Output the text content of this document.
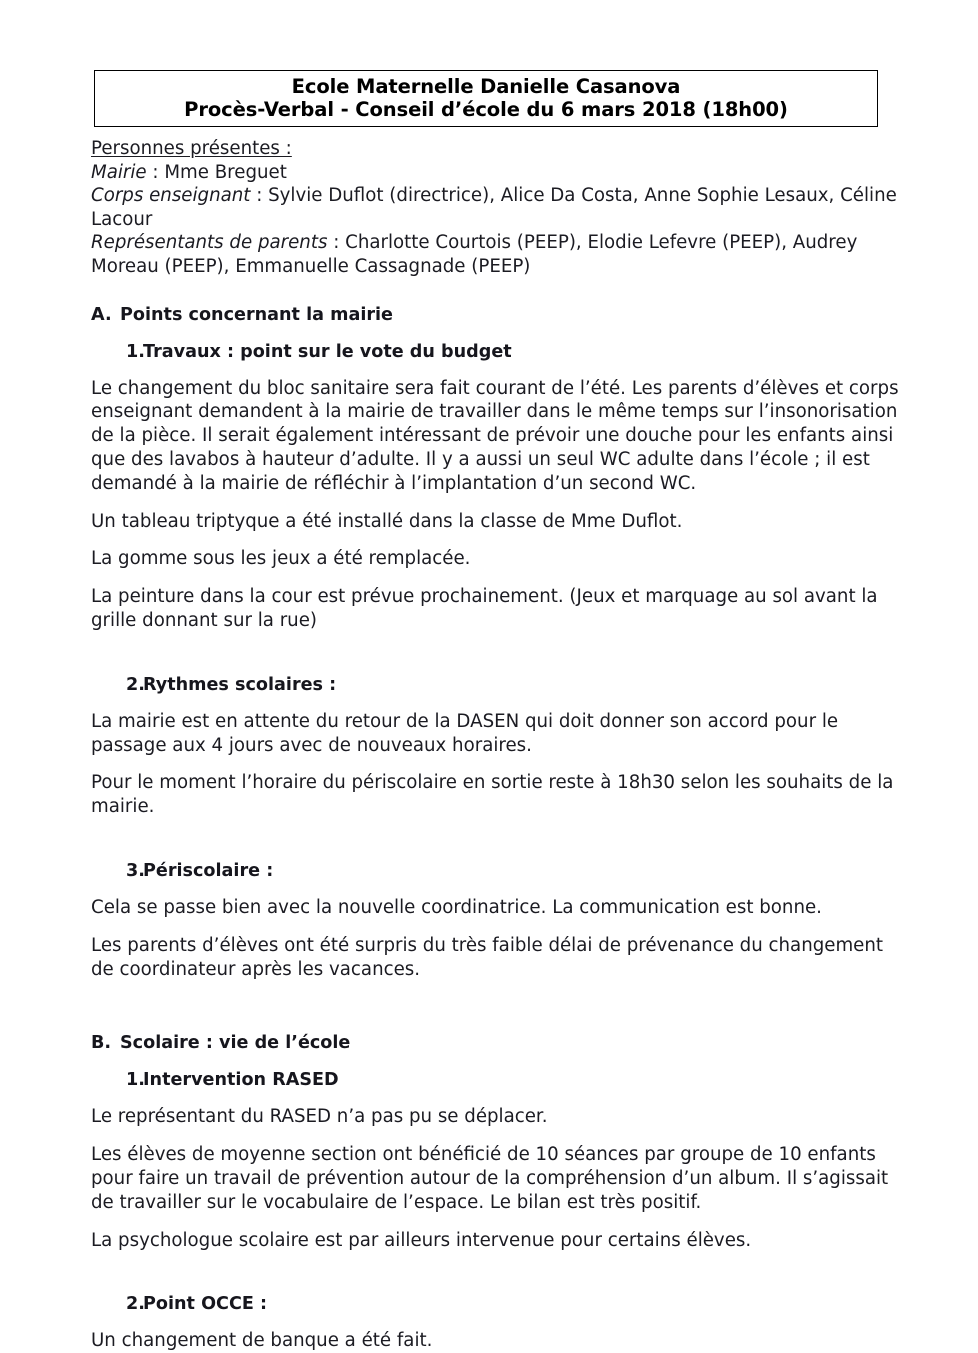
Ecole Maternelle Danielle Casanova
Procès-Verbal - Conseil d’école du 6 mars 2018 (18h00)
Personnes présentes :
Mairie : Mme Breguet
Corps enseignant : Sylvie Duflot (directrice), Alice Da Costa, Anne Sophie Lesaux, Céline Lacour
Représentants de parents : Charlotte Courtois (PEEP), Elodie Lefevre (PEEP), Audrey Moreau (PEEP), Emmanuelle Cassagnade (PEEP)
A. Points concernant la mairie
1.
Travaux : point sur le vote du budget

Le changement du bloc sanitaire sera fait courant de l’été. Les parents d’élèves et corps enseignant demandent à la mairie de travailler dans le même temps sur l’insonorisation de la pièce. Il serait également intéressant de prévoir une douche pour les enfants ainsi que des lavabos à hauteur d’adulte. Il y a aussi un seul WC adulte dans l’école ; il est demandé à la mairie de réfléchir à l’implantation d’un second WC.

Un tableau triptyque a été installé dans la classe de Mme Duflot.

La gomme sous les jeux a été remplacée.

La peinture dans la cour est prévue prochainement. (Jeux et marquage au sol avant la grille donnant sur la rue)

2.
Rythmes scolaires :

La mairie est en attente du retour de la DASEN qui doit donner son accord pour le passage aux 4 jours avec de nouveaux horaires.

Pour le moment l’horaire du périscolaire en sortie reste à 18h30 selon les souhaits de la mairie.

3.
Périscolaire :

Cela se passe bien avec la nouvelle coordinatrice. La communication est bonne.

Les parents d’élèves ont été surpris du très faible délai de prévenance du changement de coordinateur après les vacances.

B. Scolaire : vie de l’école
1.
Intervention RASED

Le représentant du RASED n’a pas pu se déplacer.

Les élèves de moyenne section ont bénéficié de 10 séances par groupe de 10 enfants pour faire un travail de prévention autour de la compréhension d’un album. Il s’agissait de travailler sur le vocabulaire de l’espace. Le bilan est très positif.

La psychologue scolaire est par ailleurs intervenue pour certains élèves.

2.
Point OCCE :

Un changement de banque a été fait.
